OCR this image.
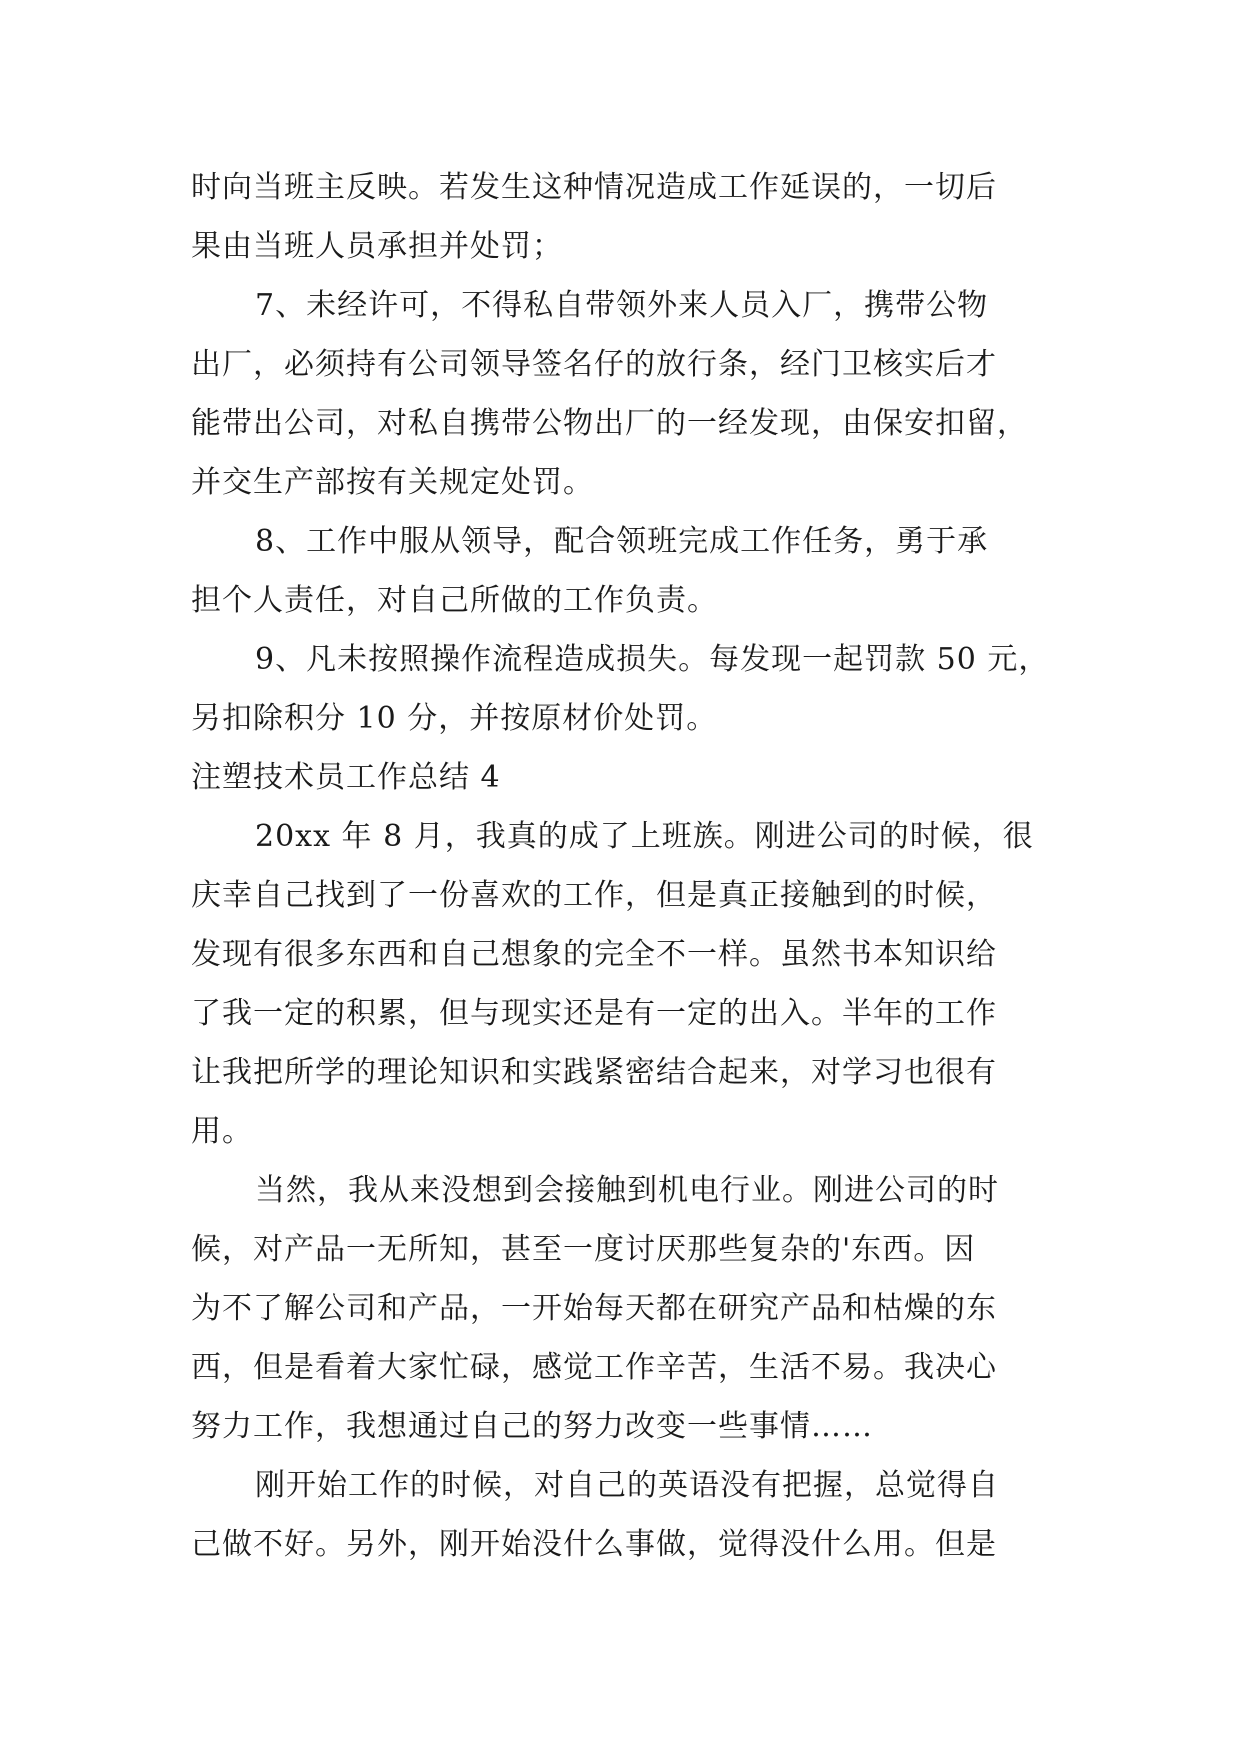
时向当班主反映。若发生这种情况造成工作延误的，一切后
果由当班人员承担并处罚；
7、未经许可，不得私自带领外来人员入厂，携带公物
出厂，必须持有公司领导签名仔的放行条，经门卫核实后才
能带出公司，对私自携带公物出厂的一经发现，由保安扣留，
并交生产部按有关规定处罚。
8、工作中服从领导，配合领班完成工作任务，勇于承
担个人责任，对自己所做的工作负责。
9、凡未按照操作流程造成损失。每发现一起罚款 50 元，
另扣除积分 10 分，并按原材价处罚。
注塑技术员工作总结 4
20xx 年 8 月，我真的成了上班族。刚进公司的时候，很
庆幸自己找到了一份喜欢的工作，但是真正接触到的时候，
发现有很多东西和自己想象的完全不一样。虽然书本知识给
了我一定的积累，但与现实还是有一定的出入。半年的工作
让我把所学的理论知识和实践紧密结合起来，对学习也很有
用。
当然，我从来没想到会接触到机电行业。刚进公司的时
候，对产品一无所知，甚至一度讨厌那些复杂的'东西。因
为不了解公司和产品，一开始每天都在研究产品和枯燥的东
西，但是看着大家忙碌，感觉工作辛苦，生活不易。我决心
努力工作，我想通过自己的努力改变一些事情……
刚开始工作的时候，对自己的英语没有把握，总觉得自
己做不好。另外，刚开始没什么事做，觉得没什么用。但是
